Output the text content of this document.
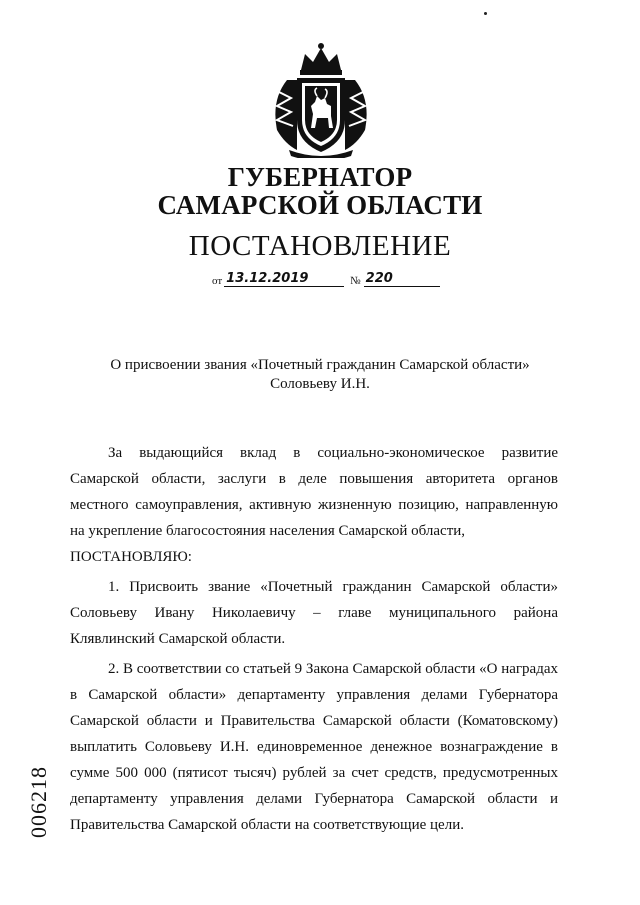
ГУБЕРНАТОР
САМАРСКОЙ ОБЛАСТИ
ПОСТАНОВЛЕНИЕ
от 13.12.2019	№ 220
О присвоении звания «Почетный гражданин Самарской области»
Соловьеву И.Н.

За выдающийся вклад в социально-экономическое развитие Самарской области, заслуги в деле повышения авторитета органов местного самоуправления, активную жизненную позицию, направленную на укрепление благосостояния населения Самарской области,
ПОСТАНОВЛЯЮ:

1. Присвоить звание «Почетный гражданин Самарской области» Соловьеву Ивану Николаевичу – главе муниципального района Клявлинский Самарской области.

2. В соответствии со статьей 9 Закона Самарской области «О наградах в Самарской области» департаменту управления делами Губернатора Самарской области и Правительства Самарской области (Коматовскому) выплатить Соловьеву И.Н. единовременное денежное вознаграждение в сумме 500 000 (пятисот тысяч) рублей за счет средств, предусмотренных департаменту управления делами Губернатора Самарской области и Правительства Самарской области на соответствующие цели.

006218
